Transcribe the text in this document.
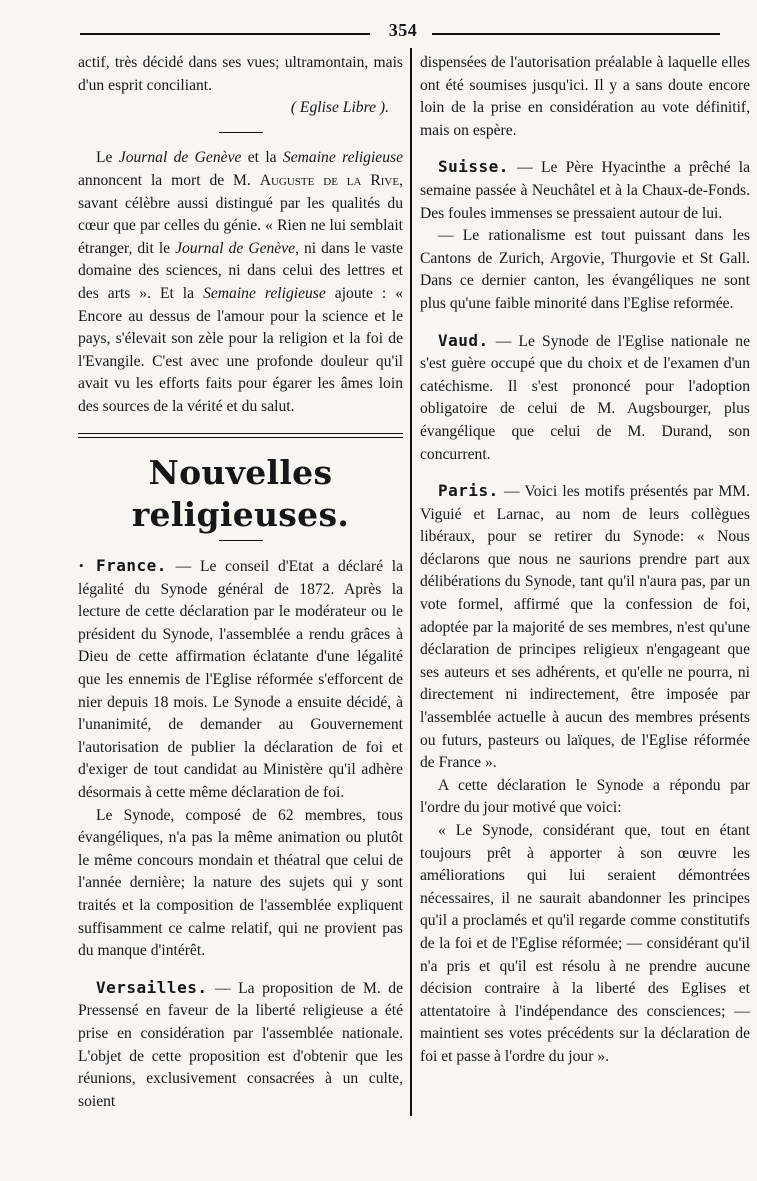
354

actif, très décidé dans ses vues; ultramontain, mais d'un esprit conciliant.

( Eglise Libre ).

Le Journal de Genève et la Semaine religieuse annoncent la mort de M. Auguste de la Rive, savant célèbre aussi distingué par les qualités du cœur que par celles du génie. « Rien ne lui semblait étranger, dit le Journal de Genève, ni dans le vaste domaine des sciences, ni dans celui des lettres et des arts ». Et la Semaine religieuse ajoute : « Encore au dessus de l'amour pour la science et le pays, s'élevait son zèle pour la religion et la foi de l'Evangile. C'est avec une profonde douleur qu'il avait vu les efforts faits pour égarer les âmes loin des sources de la vérité et du salut.

Nouvelles religieuses.

• France. — Le conseil d'Etat a déclaré la légalité du Synode général de 1872. Après la lecture de cette déclaration par le modérateur ou le président du Synode, l'assemblée a rendu grâces à Dieu de cette affirmation éclatante d'une légalité que les ennemis de l'Eglise réformée s'efforcent de nier depuis 18 mois. Le Synode a ensuite décidé, à l'unanimité, de demander au Gouvernement l'autorisation de publier la déclaration de foi et d'exiger de tout candidat au Ministère qu'il adhère désormais à cette même déclaration de foi.

Le Synode, composé de 62 membres, tous évangéliques, n'a pas la même animation ou plutôt le même concours mondain et théatral que celui de l'année dernière; la nature des sujets qui y sont traités et la composition de l'assemblée expliquent suffisamment ce calme relatif, qui ne provient pas du manque d'intérêt.

Versailles. — La proposition de M. de Pressensé en faveur de la liberté religieuse a été prise en considération par l'assemblée nationale. L'objet de cette proposition est d'obtenir que les réunions, exclusivement consacrées à un culte, soient

dispensées de l'autorisation préalable à laquelle elles ont été soumises jusqu'ici. Il y a sans doute encore loin de la prise en considération au vote définitif, mais on espère.

Suisse. — Le Père Hyacinthe a prêché la semaine passée à Neuchâtel et à la Chaux-de-Fonds. Des foules immenses se pressaient autour de lui.

— Le rationalisme est tout puissant dans les Cantons de Zurich, Argovie, Thurgovie et St Gall. Dans ce dernier canton, les évangéliques ne sont plus qu'une faible minorité dans l'Eglise reformée.

Vaud. — Le Synode de l'Eglise nationale ne s'est guère occupé que du choix et de l'examen d'un catéchisme. Il s'est prononcé pour l'adoption obligatoire de celui de M. Augsbourger, plus évangélique que celui de M. Durand, son concurrent.

Paris. — Voici les motifs présentés par MM. Viguié et Larnac, au nom de leurs collègues libéraux, pour se retirer du Synode: « Nous déclarons que nous ne saurions prendre part aux délibérations du Synode, tant qu'il n'aura pas, par un vote formel, affirmé que la confession de foi, adoptée par la majorité de ses membres, n'est qu'une déclaration de principes religieux n'engageant que ses auteurs et ses adhérents, et qu'elle ne pourra, ni directement ni indirectement, être imposée par l'assemblée actuelle à aucun des membres présents ou futurs, pasteurs ou laïques, de l'Eglise réformée de France ».

A cette déclaration le Synode a répondu par l'ordre du jour motivé que voici:

« Le Synode, considérant que, tout en étant toujours prêt à apporter à son œuvre les améliorations qui lui seraient démontrées nécessaires, il ne saurait abandonner les principes qu'il a proclamés et qu'il regarde comme constitutifs de la foi et de l'Eglise réformée; — considérant qu'il n'a pris et qu'il est résolu à ne prendre aucune décision contraire à la liberté des Eglises et attentatoire à l'indépendance des consciences; — maintient ses votes précédents sur la déclaration de foi et passe à l'ordre du jour ».
